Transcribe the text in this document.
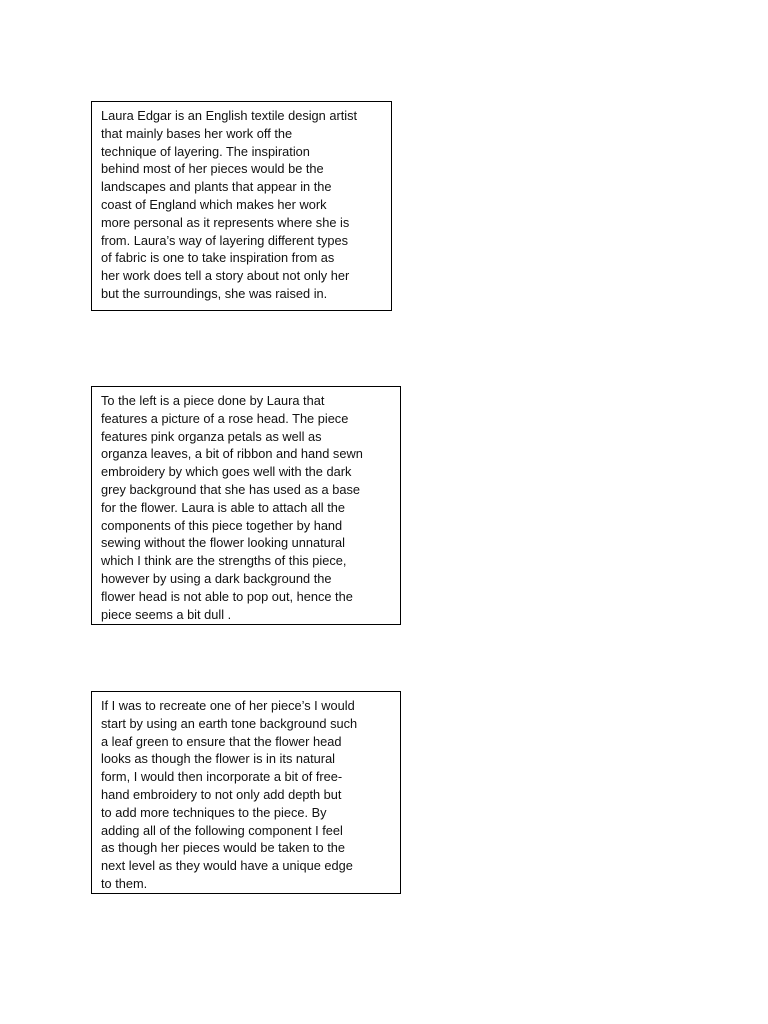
Laura Edgar is an English textile design artist
that mainly bases her work off the
technique of layering. The inspiration
behind most of her pieces would be the
landscapes and plants that appear in the
coast of England which makes her work
more personal as it represents where she is
from. Laura’s way of layering different types
of fabric is one to take inspiration from as
her work does tell a story about not only her
but the surroundings, she was raised in.
To the left is a piece done by Laura that
features a picture of a rose head. The piece
features pink organza petals as well as
organza leaves, a bit of ribbon and hand sewn
embroidery by which goes well with the dark
grey background that she has used as a base
for the flower. Laura is able to attach all the
components of this piece together by hand
sewing without the flower looking unnatural
which I think are the strengths of this piece,
however by using a dark background the
flower head is not able to pop out, hence the
piece seems a bit dull .
If I was to recreate one of her piece’s I would
start by using an earth tone background such
a leaf green to ensure that the flower head
looks as though the flower is in its natural
form, I would then incorporate a bit of free-
hand embroidery to not only add depth but
to add more techniques to the piece. By
adding all of the following component I feel
as though her pieces would be taken to the
next level as they would have a unique edge
to them.
